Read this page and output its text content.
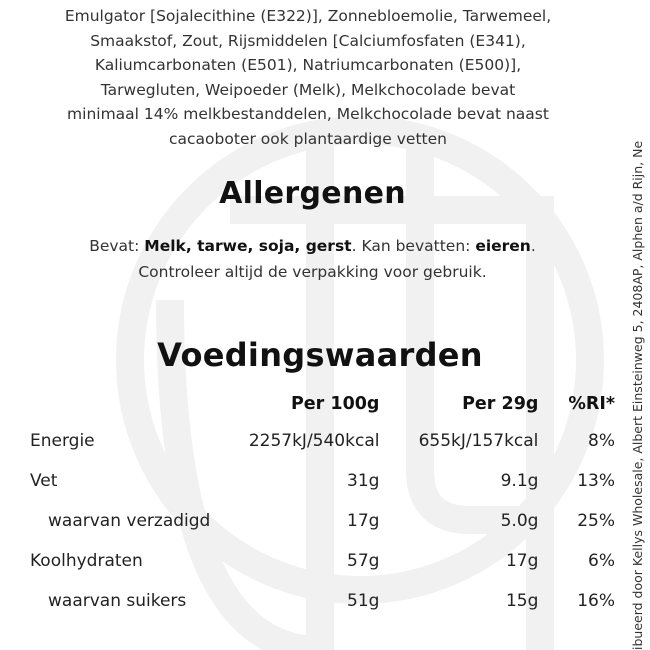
Emulgator [Sojalecithine (E322)], Zonnebloemolie, Tarwemeel,
Smaakstof, Zout, Rijsmiddelen [Calciumfosfaten (E341),
Kaliumcarbonaten (E501), Natriumcarbonaten (E500)],
Tarwegluten, Weipoeder (Melk), Melkchocolade bevat
minimaal 14% melkbestanddelen, Melkchocolade bevat naast
cacaoboter ook plantaardige vetten
Allergenen
Bevat: Melk, tarwe, soja, gerst. Kan bevatten: eieren.
Controleer altijd de verpakking voor gebruik.
Voedingswaarden
	Per 100g	Per 29g	%RI*
Energie	2257kJ/540kcal	655kJ/157kcal	8%
Vet	31g	9.1g	13%
waarvan verzadigd	17g	5.0g	25%
Koolhydraten	57g	17g	6%
waarvan suikers	51g	15g	16% ibueerd door Kellys Wholesale, Albert Einsteinweg 5, 2408AP, Alphen a/d Rijn, Ne
